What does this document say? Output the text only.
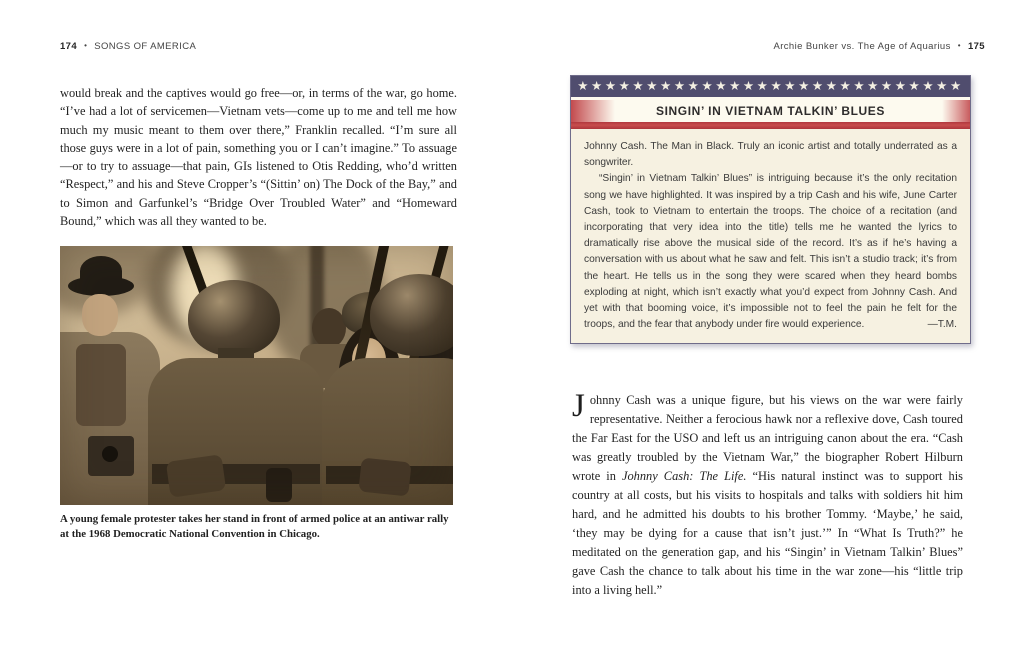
174 • SONGS OF AMERICA	Archie Bunker vs. The Age of Aquarius • 175

would break and the captives would go free—or, in terms of the war, go home. “I’ve had a lot of servicemen—Vietnam vets—come up to me and tell me how much my music meant to them over there,” Franklin recalled. “I’m sure all those guys were in a lot of pain, something you or I can’t imagine.” To assuage—or to try to assuage—that pain, GIs listened to Otis Redding, who’d written “Respect,” and his and Steve Cropper’s “(Sittin’ on) The Dock of the Bay,” and to Simon and Garfunkel’s “Bridge Over Troubled Water” and “Homeward Bound,” which was all they wanted to be.

A young female protester takes her stand in front of armed police at an antiwar rally at the 1968 Democratic National Convention in Chicago.

★★★★★★★★★★★★★★★★★★★★★★★★★★★★
SINGIN’ IN VIETNAM TALKIN’ BLUES

Johnny Cash. The Man in Black. Truly an iconic artist and totally underrated as a songwriter.

“Singin’ in Vietnam Talkin’ Blues” is intriguing because it’s the only recitation song we have highlighted. It was inspired by a trip Cash and his wife, June Carter Cash, took to Vietnam to entertain the troops. The choice of a recitation (and incorporating that very idea into the title) tells me he wanted the lyrics to dramatically rise above the musical side of the record. It’s as if he’s having a conversation with us about what he saw and felt. This isn’t a studio track; it’s from the heart. He tells us in the song they were scared when they heard bombs exploding at night, which isn’t exactly what you’d expect from Johnny Cash. And yet with that booming voice, it’s impossible not to feel the pain he felt for the troops, and the fear that anybody under fire would experience.	—T.M.
Johnny Cash was a unique figure, but his views on the war were fairly representative. Neither a ferocious hawk nor a reflexive dove, Cash toured the Far East for the USO and left us an intriguing canon about the era. “Cash was greatly troubled by the Vietnam War,” the biographer Robert Hilburn wrote in Johnny Cash: The Life. “His natural instinct was to support his country at all costs, but his visits to hospitals and talks with soldiers hit him hard, and he admitted his doubts to his brother Tommy. ‘Maybe,’ he said, ‘they may be dying for a cause that isn’t just.’” In “What Is Truth?” he meditated on the generation gap, and his “Singin’ in Vietnam Talkin’ Blues” gave Cash the chance to talk about his time in the war zone—his “little trip into a living hell.”
